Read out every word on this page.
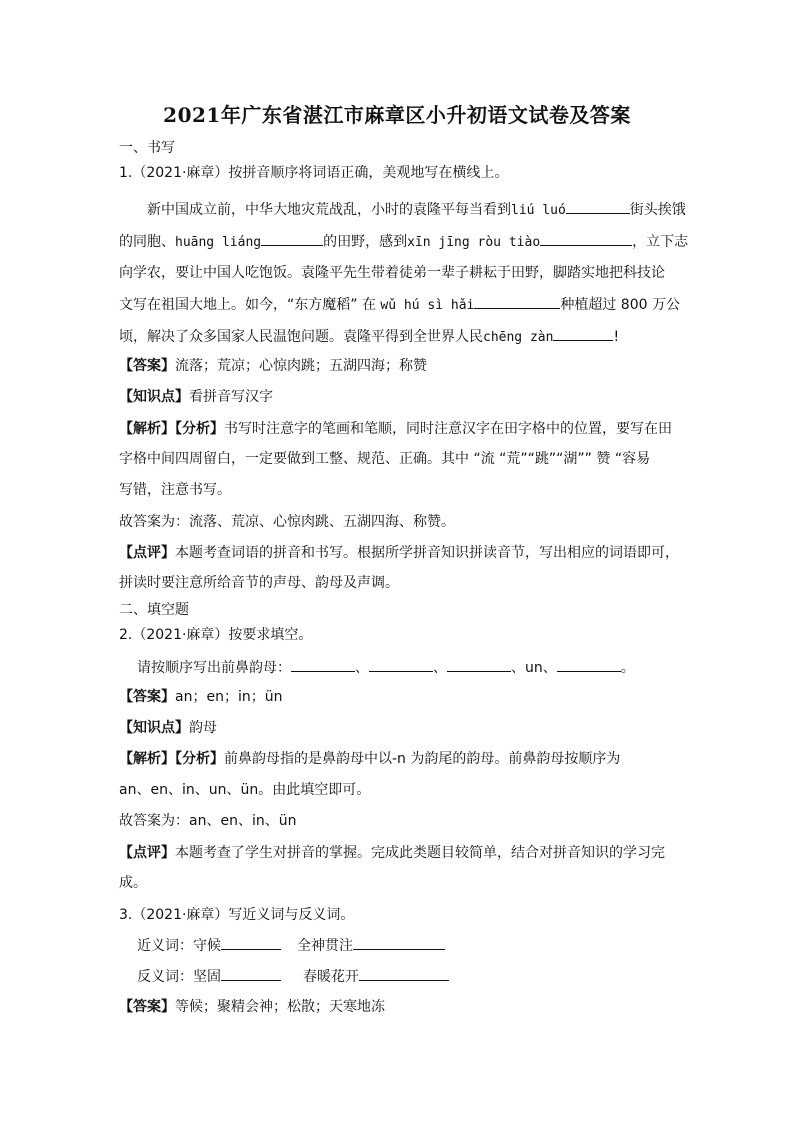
2021年广东省湛江市麻章区小升初语文试卷及答案
一、书写
1.（2021·麻章）按拼音顺序将词语正确，美观地写在横线上。
新中国成立前，中华大地灾荒战乱，小时的袁隆平每当看到liú luó	街头挨饿
的同胞、huāng liáng	的田野，感到xīn jīng ròu tiào	，立下志
向学农，要让中国人吃饱饭。袁隆平先生带着徒弟一辈子耕耘于田野，脚踏实地把科技论
文写在祖国大地上。如今，“东方魔稻” 在 wǔ hú sì hǎi	种植超过 800 万公
顷，解决了众多国家人民温饱问题。袁隆平得到全世界人民chēng zàn	!
【答案】流落；荒凉；心惊肉跳；五湖四海；称赞
【知识点】看拼音写汉字
【解析】【分析】书写时注意字的笔画和笔顺，同时注意汉字在田字格中的位置，要写在田
字格中间四周留白，一定要做到工整、规范、正确。其中 “流 “荒”“跳”“湖”” 赞 “容易
写错，注意书写。
故答案为：流落、荒凉、心惊肉跳、五湖四海、称赞。
【点评】本题考查词语的拼音和书写。根据所学拼音知识拼读音节，写出相应的词语即可，
拼读时要注意所给音节的声母、韵母及声调。
二、填空题
2.（2021·麻章）按要求填空。
请按顺序写出前鼻韵母：	、	、	、un、	。
【答案】an；en；in；ün
【知识点】韵母
【解析】【分析】前鼻韵母指的是鼻韵母中以-n 为韵尾的韵母。前鼻韵母按顺序为
an、en、in、un、ün。由此填空即可。
故答案为：an、en、in、ün
【点评】本题考查了学生对拼音的掌握。完成此类题目较简单，结合对拼音知识的学习完
成。
3.（2021·麻章）写近义词与反义词。
近义词：守候	全神贯注
反义词：坚固	春暖花开
【答案】等候；聚精会神；松散；天寒地冻
